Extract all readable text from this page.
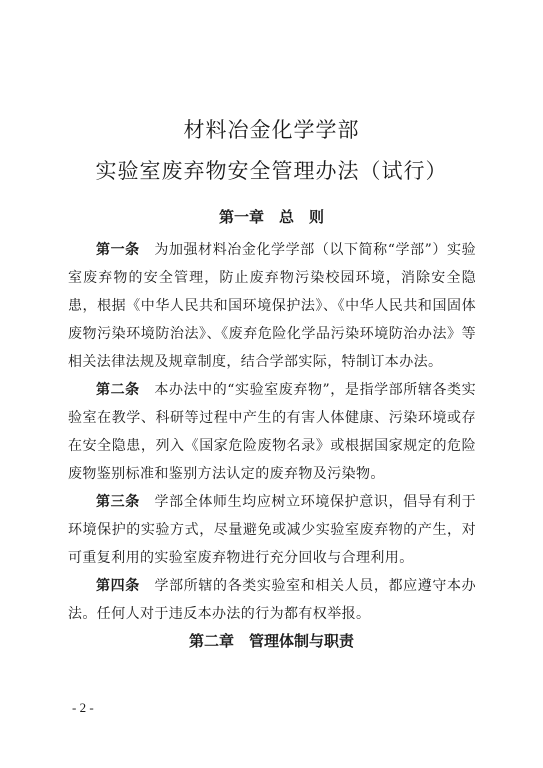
材料冶金化学学部
实验室废弃物安全管理办法（试行）
第一章　总　则

第一条　为加强材料冶金化学学部（以下简称“学部”）实验室废弃物的安全管理，防止废弃物污染校园环境，消除安全隐患，根据《中华人民共和国环境保护法》、《中华人民共和国固体废物污染环境防治法》、《废弃危险化学品污染环境防治办法》等相关法律法规及规章制度，结合学部实际，特制订本办法。

第二条　本办法中的“实验室废弃物”，是指学部所辖各类实验室在教学、科研等过程中产生的有害人体健康、污染环境或存在安全隐患，列入《国家危险废物名录》或根据国家规定的危险废物鉴别标准和鉴别方法认定的废弃物及污染物。

第三条　学部全体师生均应树立环境保护意识，倡导有利于环境保护的实验方式，尽量避免或减少实验室废弃物的产生，对可重复利用的实验室废弃物进行充分回收与合理利用。

第四条　学部所辖的各类实验室和相关人员，都应遵守本办法。任何人对于违反本办法的行为都有权举报。

第二章　管理体制与职责
- 2 -
